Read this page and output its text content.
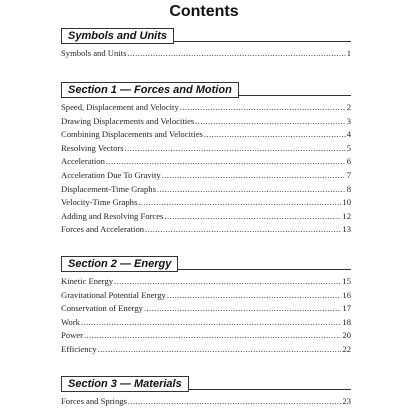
Contents
Symbols and Units
Symbols and Units .....	1
Section 1 — Forces and Motion
Speed, Displacement and Velocity .....	2
Drawing Displacements and Velocities .....	3
Combining Displacements and Velocities .....	4
Resolving Vectors .....	5
Acceleration .....	6
Acceleration Due To Gravity .....	7
Displacement-Time Graphs .....	8
Velocity-Time Graphs .....	10
Adding and Resolving Forces .....	12
Forces and Acceleration .....	13
Section 2 — Energy
Kinetic Energy .....	15
Gravitational Potential Energy .....	16
Conservation of Energy .....	17
Work .....	18
Power .....	20
Efficiency .....	22
Section 3 — Materials
Forces and Springs .....	23
